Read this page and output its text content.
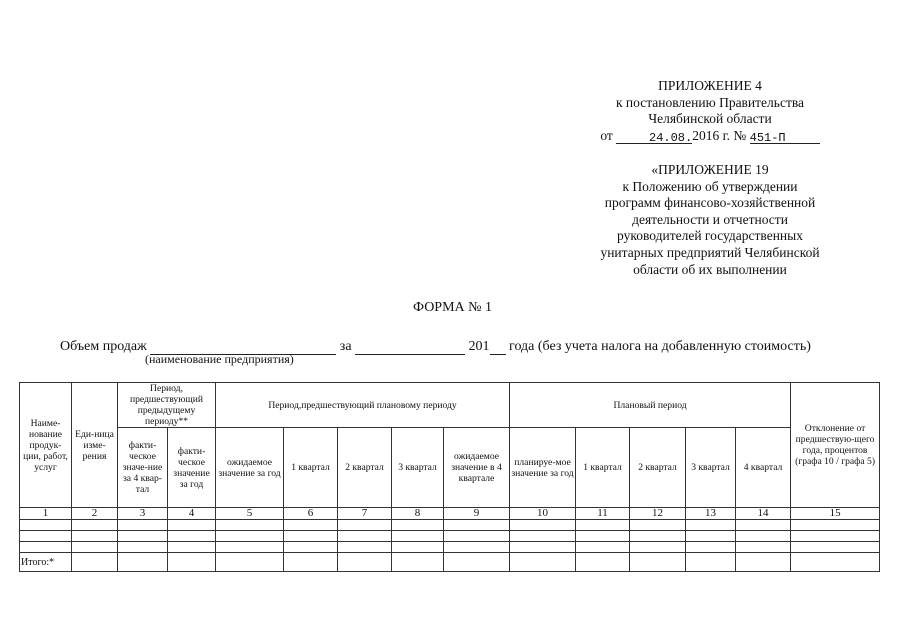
ПРИЛОЖЕНИЕ 4
к постановлению Правительства
Челябинской области
от	24.08.2016 г. № 451-П
«ПРИЛОЖЕНИЕ 19
к Положению об утверждении
программ финансово-хозяйственной
деятельности и отчетности
руководителей государственных
унитарных предприятий Челябинской
области об их выполнении
ФОРМА № 1
Объем продаж	за	201 года (без учета налога на добавленную стоимость)
(наименование предприятия)
Наиме-нование продук-ции, работ, услуг	Еди-ница изме-рения	Период, предшествующий предыдущему периоду**		Период,предшествующий плановому периоду					Плановый период					Отклонение от предшествую-щего года, процентов (графа 10 / графа 5)
		факти-ческое значе-ние за 4 квар-тал	факти-ческое значение за год	ожидаемое значение за год	1 квартал	2 квартал	3 квартал	ожидаемое значение в 4 квартале	планируе-мое значение за год	1 квартал	2 квартал	3 квартал	4 квартал	
1	2	3	4	5	6	7	8	9	10	11	12	13	14	15

Итого:*														
